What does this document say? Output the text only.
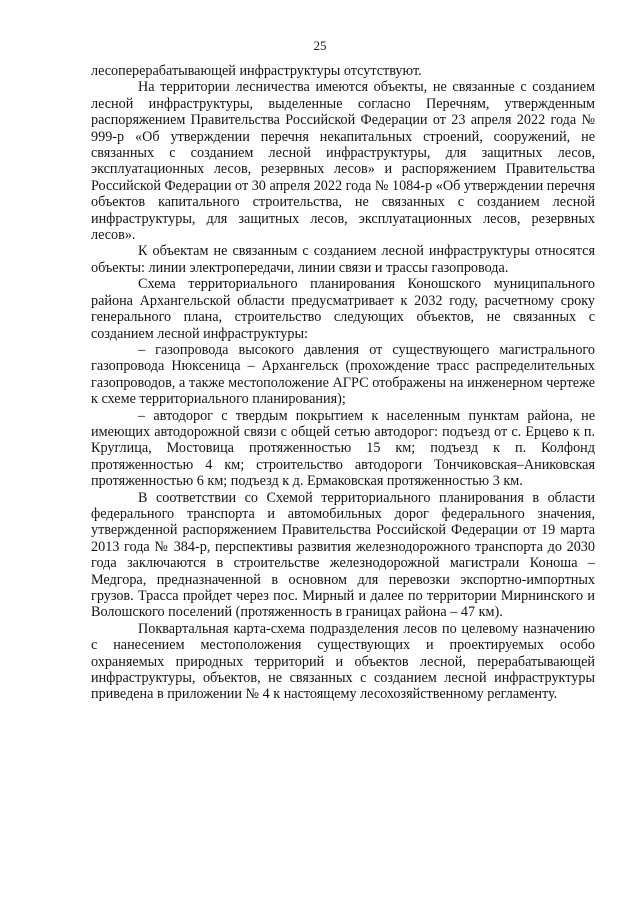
25

лесоперерабатывающей инфраструктуры отсутствуют.

На территории лесничества имеются объекты, не связанные с созданием лесной инфраструктуры, выделенные согласно Перечням, утвержденным распоряжением Правительства Российской Федерации от 23 апреля 2022 года № 999-р «Об утверждении перечня некапитальных строений, сооружений, не связанных с созданием лесной инфраструктуры, для защитных лесов, эксплуатационных лесов, резервных лесов» и распоряжением Правительства Российской Федерации от 30 апреля 2022 года № 1084-р «Об утверждении перечня объектов капитального строительства, не связанных с созданием лесной инфраструктуры, для защитных лесов, эксплуатационных лесов, резервных лесов».

К объектам не связанным с созданием лесной инфраструктуры относятся объекты: линии электропередачи, линии связи и трассы газопровода.

Схема территориального планирования Коношского муниципального района Архангельской области предусматривает к 2032 году, расчетному сроку генерального плана, строительство следующих объектов, не связанных с созданием лесной инфраструктуры:

– газопровода высокого давления от существующего магистрального газопровода Нюксеница – Архангельск (прохождение трасс распределительных газопроводов, а также местоположение АГРС отображены на инженерном чертеже к схеме территориального планирования);

– автодорог с твердым покрытием к населенным пунктам района, не имеющих автодорожной связи с общей сетью автодорог: подъезд от с. Ерцево к п. Круглица, Мостовица протяженностью 15 км; подъезд к п. Колфонд протяженностью 4 км; строительство автодороги Тончиковская–Аниковская протяженностью 6 км; подъезд к д. Ермаковская протяженностью 3 км.

В соответствии со Схемой территориального планирования в области федерального транспорта и автомобильных дорог федерального значения, утвержденной распоряжением Правительства Российской Федерации от 19 марта 2013 года № 384-р, перспективы развития железнодорожного транспорта до 2030 года заключаются в строительстве железнодорожной магистрали Коноша – Медгора, предназначенной в основном для перевозки экспортно-импортных грузов. Трасса пройдет через пос. Мирный и далее по территории Мирнинского и Волошского поселений (протяженность в границах района – 47 км).

Поквартальная карта-схема подразделения лесов по целевому назначению с нанесением местоположения существующих и проектируемых особо охраняемых природных территорий и объектов лесной, перерабатывающей инфраструктуры, объектов, не связанных с созданием лесной инфраструктуры приведена в приложении № 4 к настоящему лесохозяйственному регламенту.
